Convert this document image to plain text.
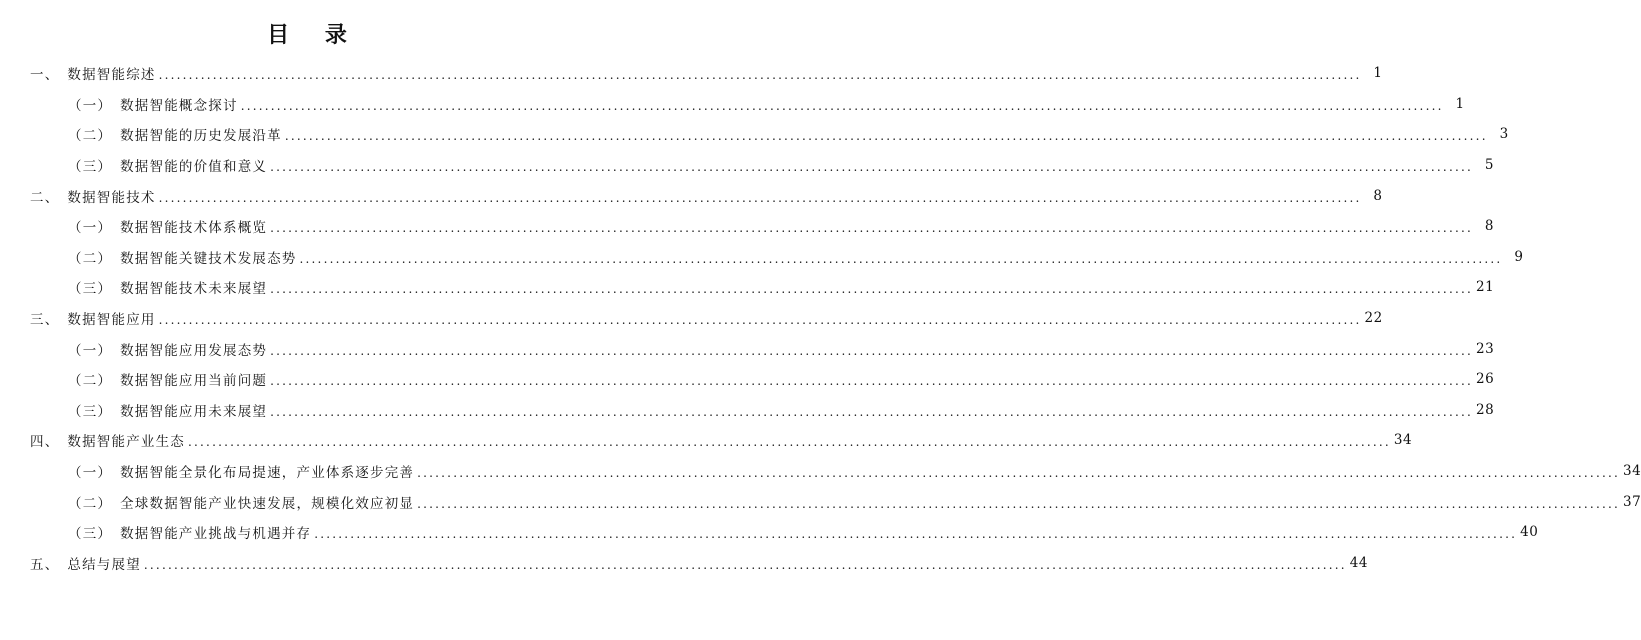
目 录
一、 数据智能综述 ........................................................................................................................................................................................................ 1
（一） 数据智能概念探讨 ........................................................................................................................................................................................................ 1
（二） 数据智能的历史发展沿革 ........................................................................................................................................................................................................ 3
（三） 数据智能的价值和意义 ........................................................................................................................................................................................................ 5
二、 数据智能技术 ........................................................................................................................................................................................................ 8
（一） 数据智能技术体系概览 ........................................................................................................................................................................................................ 8
（二） 数据智能关键技术发展态势 ........................................................................................................................................................................................................ 9
（三） 数据智能技术未来展望 ........................................................................................................................................................................................................ 21
三、 数据智能应用 ........................................................................................................................................................................................................ 22
（一） 数据智能应用发展态势 ........................................................................................................................................................................................................ 23
（二） 数据智能应用当前问题 ........................................................................................................................................................................................................ 26
（三） 数据智能应用未来展望 ........................................................................................................................................................................................................ 28
四、 数据智能产业生态 ........................................................................................................................................................................................................ 34
（一） 数据智能全景化布局提速，产业体系逐步完善 ........................................................................................................................................................................................................ 34
（二） 全球数据智能产业快速发展，规模化效应初显 ........................................................................................................................................................................................................ 37
（三） 数据智能产业挑战与机遇并存 ........................................................................................................................................................................................................ 40
五、 总结与展望 ........................................................................................................................................................................................................ 44
